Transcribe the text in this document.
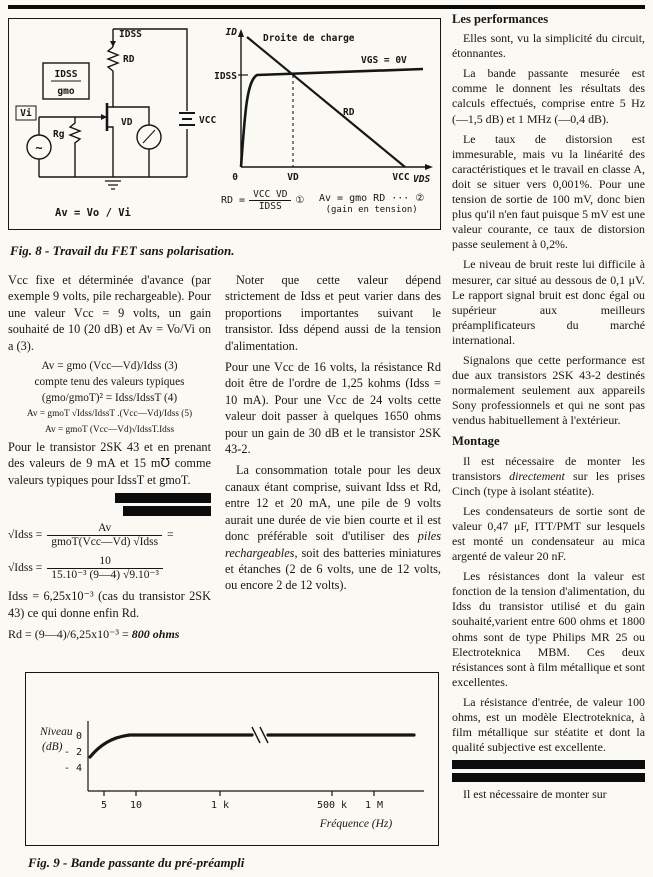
IDSS
RD
IDSS
gmo
Vi
Rg
VD	VCC
~
Av = Vo / Vi
ID
Droite de charge
VGS = 0V
IDSS
RD
0	VD	VCC VDS
RD = $\frac{\text{VCC VD}}{\text{IDSS}}$ ① Av = gmo RD ··· ②
(gain en tension)
Fig. 8 - Travail du FET sans polarisation.

Vcc fixe et déterminée d'avance (par exemple 9 volts, pile rechargeable). Pour une valeur Vcc = 9 volts, un gain souhaité de 10 (20 dB) et Av = Vo/Vi on a (3).

Av = gmo (Vcc—Vd)/Idss (3)
compte tenu des valeurs typiques
(gmo/gmoT)² = Idss/IdssT (4)
Av = gmoT √Idss/IdssT .(Vcc—Vd)/Idss (5)
Av = gmoT (Vcc—Vd)√IdssT.Idss

Pour le transistor 2SK 43 et en prenant des valeurs de 9 mA et 15 m℧ comme valeurs typiques pour IdssT et gmoT.

√Idss = $\frac{Av}{\text{gmoT(Vcc—Vd) √Idss}}$ =
√Idss = $\frac{10}{\text{15.10⁻³ (9—4) √9.10⁻³}}$

Idss = 6,25x10⁻³ (cas du transistor 2SK 43) ce qui donne enfin Rd.

Rd = (9—4)/6,25x10⁻³ = 800 ohms

Noter que cette valeur dépend strictement de Idss et peut varier dans des proportions importantes suivant le transistor. Idss dépend aussi de la tension d'alimentation.

Pour une Vcc de 16 volts, la résistance Rd doit être de l'ordre de 1,25 kohms (Idss = 10 mA). Pour une Vcc de 24 volts cette valeur doit passer à quelques 1650 ohms pour un gain de 30 dB et le transistor 2SK 43-2.

La consommation totale pour les deux canaux étant comprise, suivant Idss et Rd, entre 12 et 20 mA, une pile de 9 volts aurait une durée de vie bien courte et il est donc préférable soit d'utiliser des piles rechargeables, soit des batteries miniatures et étanches (2 de 6 volts, une de 12 volts, ou encore 2 de 12 volts).

Les performances

Elles sont, vu la simplicité du circuit, étonnantes.

La bande passante mesurée est comme le donnent les résultats des calculs effectués, comprise entre 5 Hz (—1,5 dB) et 1 MHz (—0,4 dB).

Le taux de distorsion est immesurable, mais vu la linéarité des caractéristiques et le travail en classe A, doit se situer vers 0,001%. Pour une tension de sortie de 100 mV, donc bien plus qu'il n'en faut puisque 5 mV est une valeur courante, ce taux de distorsion passe seulement à 0,2%.

Le niveau de bruit reste lui difficile à mesurer, car situé au dessous de 0,1 μV. Le rapport signal bruit est donc égal ou supérieur aux meilleurs préamplificateurs du marché international.

Signalons que cette performance est due aux transistors 2SK 43-2 destinés normalement seulement aux appareils Sony professionnels et qui ne sont pas vendus habituellement à l'extérieur.

Montage

Il est nécessaire de monter les transistors directement sur les prises Cinch (type à isolant stéatite).

Les condensateurs de sortie sont de valeur 0,47 μF, ITT/PMT sur lesquels est monté un condensateur au mica argenté de valeur 20 nF.

Les résistances dont la valeur est fonction de la tension d'alimentation, du Idss du transistor utilisé et du gain souhaité,varient entre 600 ohms et 1800 ohms sont de type Philips MR 25 ou Electroteknica MBM. Ces deux résistances sont à film métallique et sont excellentes.

La résistance d'entrée, de valeur 100 ohms, est un modèle Electroteknica, à film métallique sur stéatite et dont la qualité subjective est excellente.

Il est nécessaire de monter sur

Niveau
(dB)
Fréquence (Hz)
0
- 2
- 4
5 10	1 k	500 k 1 M
Fig. 9 - Bande passante du pré-préampli
